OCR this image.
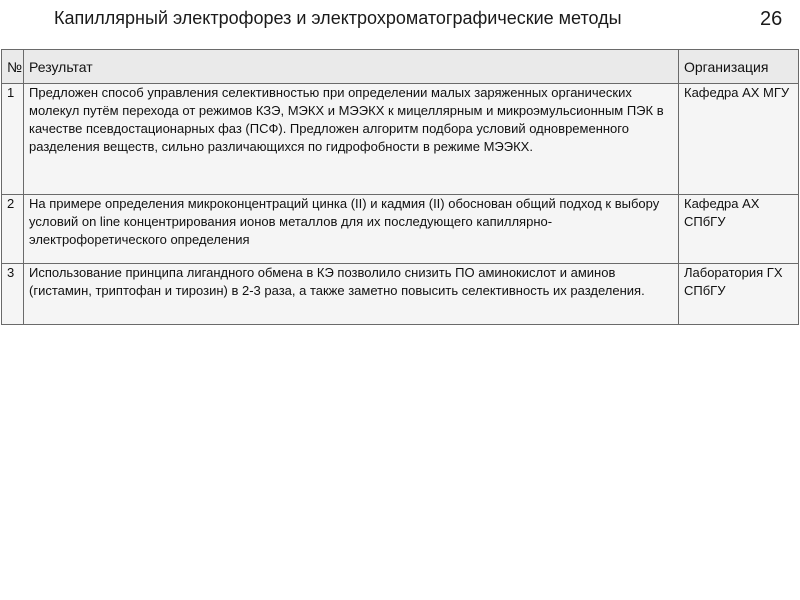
Капиллярный электрофорез и электрохроматографические методы	26
№	Результат	Организация
1	Предложен способ управления селективностью при определении малых заряженных органических молекул путём перехода от режимов КЗЭ, МЭКХ и МЭЭКХ к мицеллярным и микроэмульсионным ПЭК в качестве псевдостационарных фаз (ПСФ). Предложен алгоритм подбора условий одновременного разделения веществ, сильно различающихся по гидрофобности в режиме МЭЭКХ.	Кафедра АХ МГУ
2	На примере определения микроконцентраций цинка (II) и кадмия (II) обоснован общий подход к выбору условий on line концентрирования ионов металлов для их последующего капиллярно-электрофоретического определения	Кафедра АХ СПбГУ
3	Использование принципа лигандного обмена в КЭ позволило снизить ПО аминокислот и аминов (гистамин, триптофан и тирозин) в 2-3 раза, а также заметно повысить селективность их разделения.	Лаборатория ГХ СПбГУ
